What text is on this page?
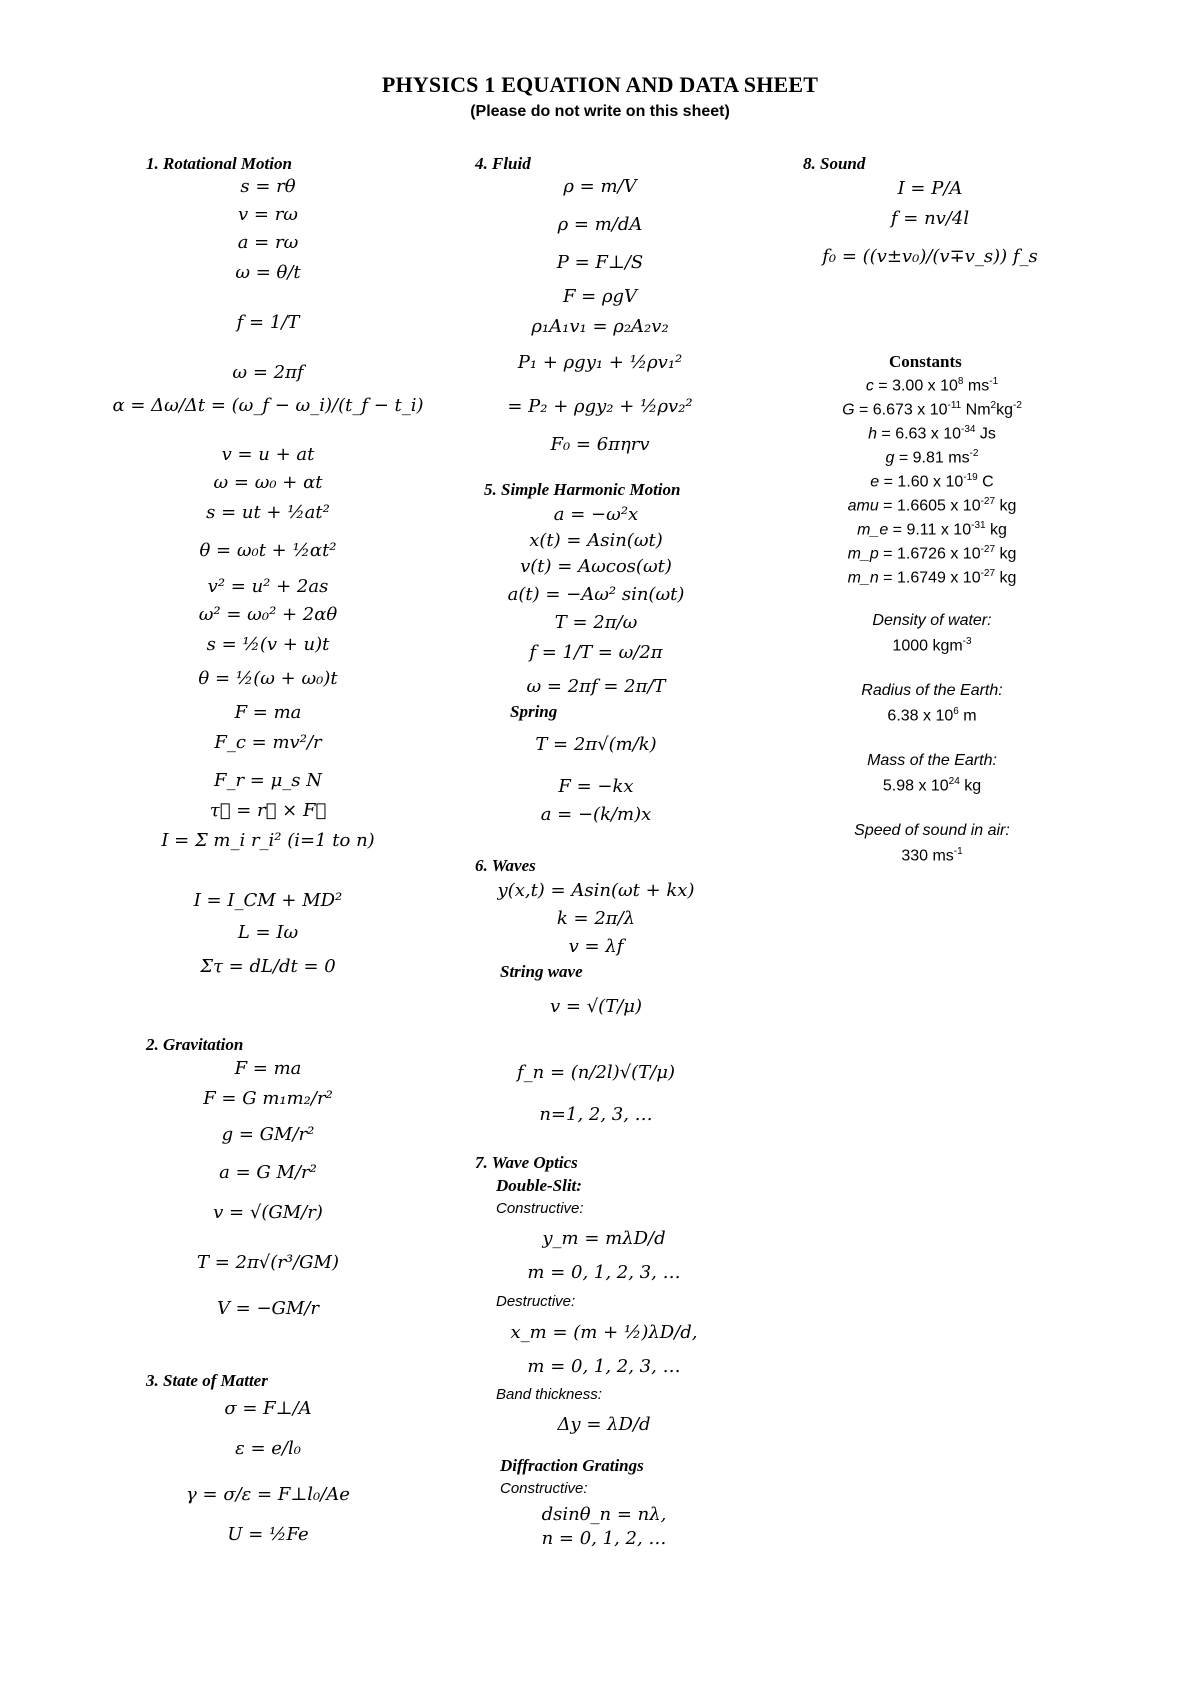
PHYSICS 1 EQUATION AND DATA SHEET
(Please do not write on this sheet)
1. Rotational Motion
s = rθ
v = rω
a = rω
ω = θ/t
f = 1/T
ω = 2πf
α = Δω/Δt = (ω_f − ω_i)/(t_f − t_i)
v = u + at
ω = ω₀ + αt
s = ut + ½at²
θ = ω₀t + ½αt²
v² = u² + 2as
ω² = ω₀² + 2αθ
s = ½(v + u)t
θ = ½(ω + ω₀)t
F = ma
F_c = mv²/r
F_r = μ_s N
τ⃗ = r⃗ × F⃗
I = Σ m_i r_i² (i=1 to n)
I = I_CM + MD²
L = Iω
Στ = dL/dt = 0
2. Gravitation
F = ma
F = G m₁m₂/r²
g = GM/r²
a = G M/r²
v = √(GM/r)
T = 2π√(r³/GM)
V = −GM/r
3. State of Matter
σ = F⊥/A
ε = e/l₀
γ = σ/ε = F⊥l₀/Ae
U = ½Fe
4. Fluid
ρ = m/V
ρ = m/dA
P = F⊥/S
F = ρgV
ρ₁A₁v₁ = ρ₂A₂v₂
P₁ + ρgy₁ + ½ρv₁²
= P₂ + ρgy₂ + ½ρv₂²
F₀ = 6πηrv
5. Simple Harmonic Motion
a = −ω²x
x(t) = Asin(ωt)
v(t) = Aωcos(ωt)
a(t) = −Aω² sin(ωt)
T = 2π/ω
f = 1/T = ω/2π
ω = 2πf = 2π/T
Spring
T = 2π√(m/k)
F = −kx
a = −(k/m)x
6. Waves
y(x,t) = Asin(ωt + kx)
k = 2π/λ
v = λf
String wave
v = √(T/μ)
f_n = (n/2l)√(T/μ)
n=1, 2, 3, …
7. Wave Optics
Double-Slit:
Constructive:
Destructive:
Band thickness:
Diffraction Gratings
Constructive:
y_m = mλD/d
m = 0, 1, 2, 3, …
x_m = (m + ½)λD/d,
m = 0, 1, 2, 3, …
Δy = λD/d
dsinθ_n = nλ,
n = 0, 1, 2, …
8. Sound
I = P/A
f = nv/4l
f₀ = ((v±v₀)/(v∓v_s)) f_s
Constants
c = 3.00 x $10^8$ $ms^{-1}$
G = 6.673 x $10^{-11}$ $Nm^2kg^{-2}$
h = 6.63 x $10^{-34}$ Js
g = 9.81 $ms^{-2}$
e = 1.60 x $10^{-19}$ C
amu = 1.6605 x $10^{-27}$ kg
m_e = 9.11 x $10^{-31}$ kg
m_p = 1.6726 x $10^{-27}$ kg
m_n = 1.6749 x $10^{-27}$ kg
Density of water:
1000 kgm$^{-3}$
Radius of the Earth:
6.38 x $10^6$ m
Mass of the Earth:
5.98 x $10^{24}$ kg
Speed of sound in air:
330 $ms^{-1}$
